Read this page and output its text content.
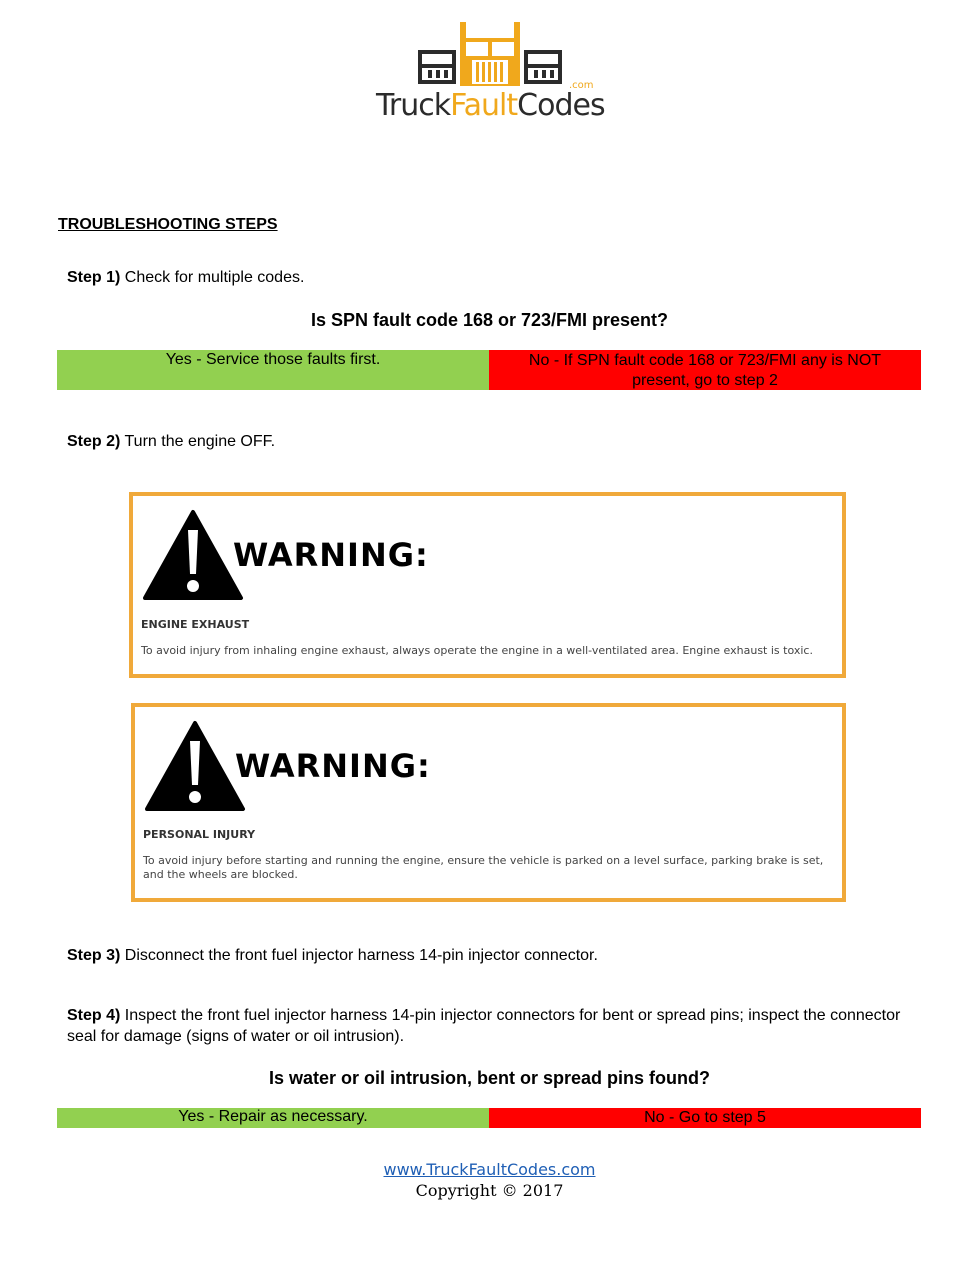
TruckFaultCodes
.com
TROUBLESHOOTING STEPS
Step 1) Check for multiple codes.
Is SPN fault code 168 or 723/FMI present?
Yes - Service those faults first.	No - If SPN fault code 168 or 723/FMI any is NOT present, go to step 2
Step 2) Turn the engine OFF.
WARNING:
ENGINE EXHAUST
To avoid injury from inhaling engine exhaust, always operate the engine in a well-ventilated area. Engine exhaust is toxic.
WARNING:
PERSONAL INJURY
To avoid injury before starting and running the engine, ensure the vehicle is parked on a level surface, parking brake is set, and the wheels are blocked.
Step 3) Disconnect the front fuel injector harness 14-pin injector connector.
Step 4) Inspect the front fuel injector harness 14-pin injector connectors for bent or spread pins; inspect the connector seal for damage (signs of water or oil intrusion).
Is water or oil intrusion, bent or spread pins found?
Yes - Repair as necessary.	No - Go to step 5
www.TruckFaultCodes.com
Copyright © 2017
